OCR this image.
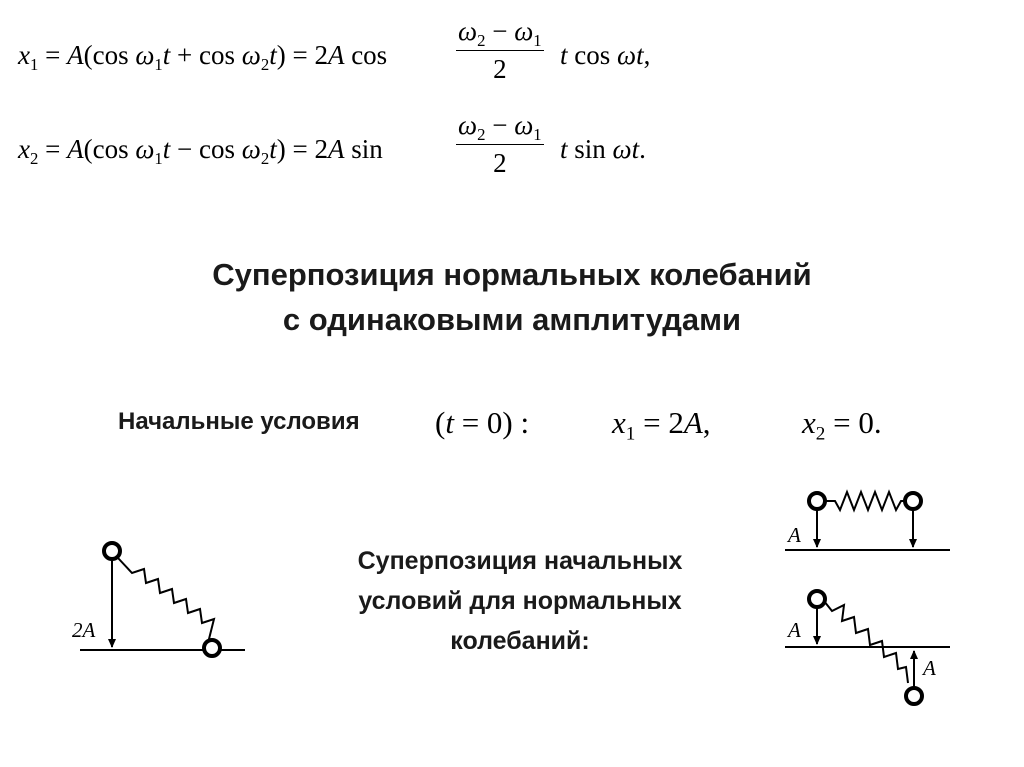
$x_1 = A(\cos$ $\omega_1t + \cos \omega_2t) = 2A$ cos	$\frac{\omega_2 - \omega_1}{2}$ t cos ωt,
$x_2 = A(\cos$ $\omega_1t - \cos \omega_2t) = 2A$ sin	$\frac{\omega_2 - \omega_1}{2}$ t sin ωt.
Суперпозиция нормальных колебаний
с одинаковыми амплитудами
Начальные условия (t = 0) :	$x_1 = 2A$,	$x_2 = 0$.
Суперпозиция начальных
условий для нормальных
колебаний:
2A
A
A
A
